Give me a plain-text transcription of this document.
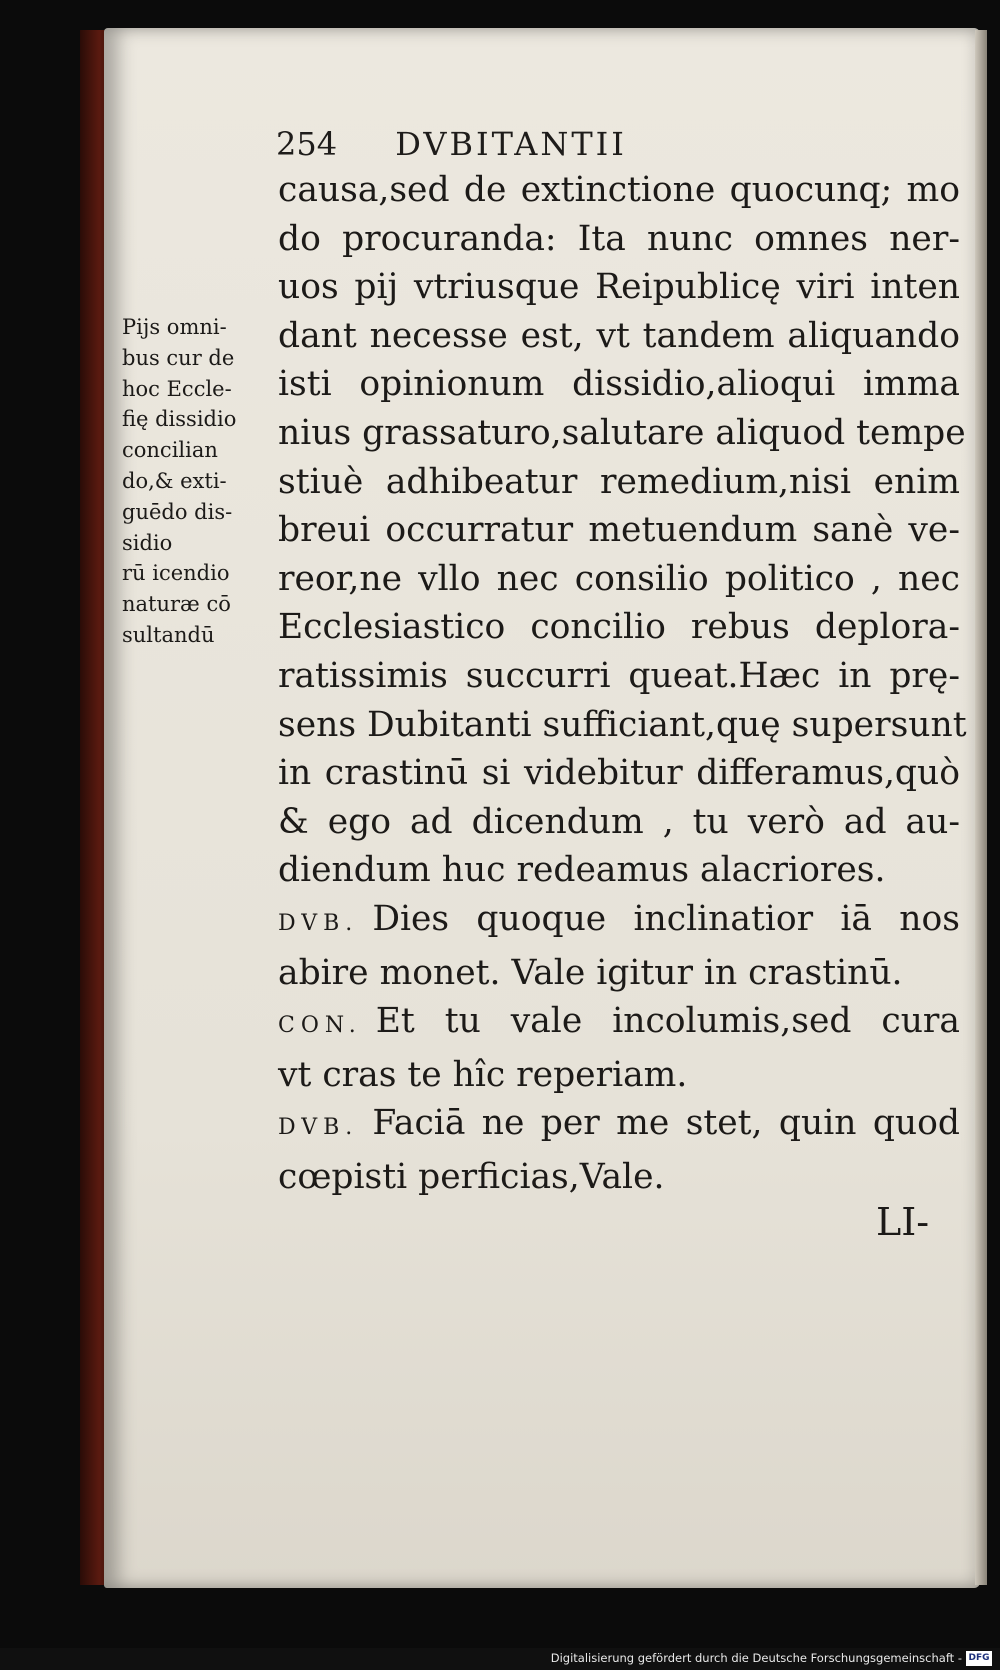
254 DVBITANTII
Pijs omni-
bus cur de
hoc Eccle-
fię dissidio
concilian
do,& exti-
guēdo dis-
sidio
rū icendio
naturæ cō
sultandū
causa,sed de extinctione quocunq; mo
do procuranda: Ita nunc omnes ner-
uos pij vtriusque Reipublicę viri inten
dant necesse est, vt tandem aliquando
isti opinionum dissidio,alioqui imma
nius grassaturo,salutare aliquod tempe
stiuè adhibeatur remedium,nisi enim
breui occurratur metuendum sanè ve-
reor,ne vllo nec consilio politico , nec
Ecclesiastico concilio rebus deplora-
ratissimis succurri queat.Hæc in prę-
sens Dubitanti sufficiant,quę supersunt
in crastinū si videbitur differamus,quò
& ego ad dicendum , tu verò ad au-
diendum huc redeamus alacriores.
DVB. Dies quoque inclinatior iā nos
abire monet. Vale igitur in crastinū.
CON. Et tu vale incolumis,sed cura
vt cras te hîc reperiam.
DVB. Faciā ne per me stet, quin quod
cœpisti perficias,Vale.
LI-
Digitalisierung gefördert durch die Deutsche Forschungsgemeinschaft - DFG
